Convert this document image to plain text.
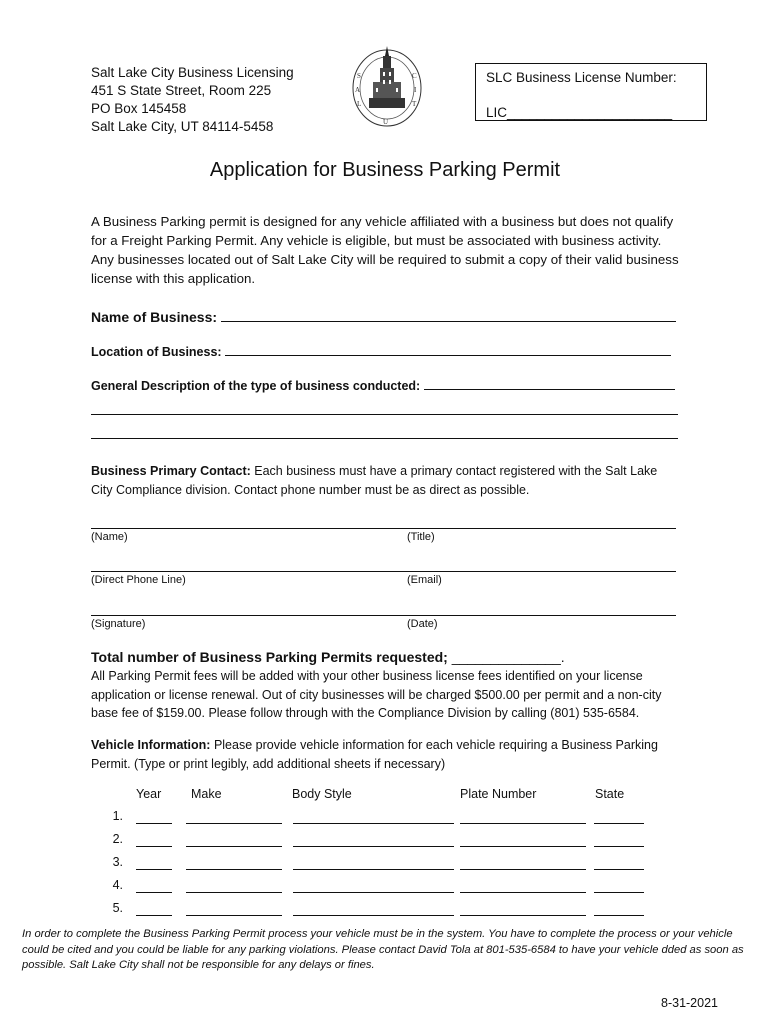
Salt Lake City Business Licensing
451 S State Street, Room 225
PO Box 145458
Salt Lake City, UT 84114-5458
S
A
L
C
I
T
U
SLC Business License Number:
LIC______________________
Application for Business Parking Permit
A Business Parking permit is designed for any vehicle affiliated with a business but does not qualify for a Freight Parking Permit. Any vehicle is eligible, but must be associated with business activity. Any businesses located out of Salt Lake City will be required to submit a copy of their valid business license with this application.
Name of Business:
Location of Business:
General Description of the type of business conducted:
Business Primary Contact: Each business must have a primary contact registered with the Salt Lake City Compliance division. Contact phone number must be as direct as possible.
(Name)	(Title)
(Direct Phone Line)	(Email)
(Signature)	(Date)
Total number of Business Parking Permits requested; ______________.
All Parking Permit fees will be added with your other business license fees identified on your license application or license renewal. Out of city businesses will be charged $500.00 per permit and a non-city base fee of $159.00. Please follow through with the Compliance Division by calling (801) 535-6584.
Vehicle Information: Please provide vehicle information for each vehicle requiring a Business Parking Permit. (Type or print legibly, add additional sheets if necessary)
Year Make	Body Style	Plate Number	State
1.
2.
3.
4.
5.
In order to complete the Business Parking Permit process your vehicle must be in the system. You have to complete the process or your vehicle could be cited and you could be liable for any parking violations. Please contact David Tola at 801-535-6584 to have your vehicle dded as soon as possible. Salt Lake City shall not be responsible for any delays or fines.
8-31-2021
